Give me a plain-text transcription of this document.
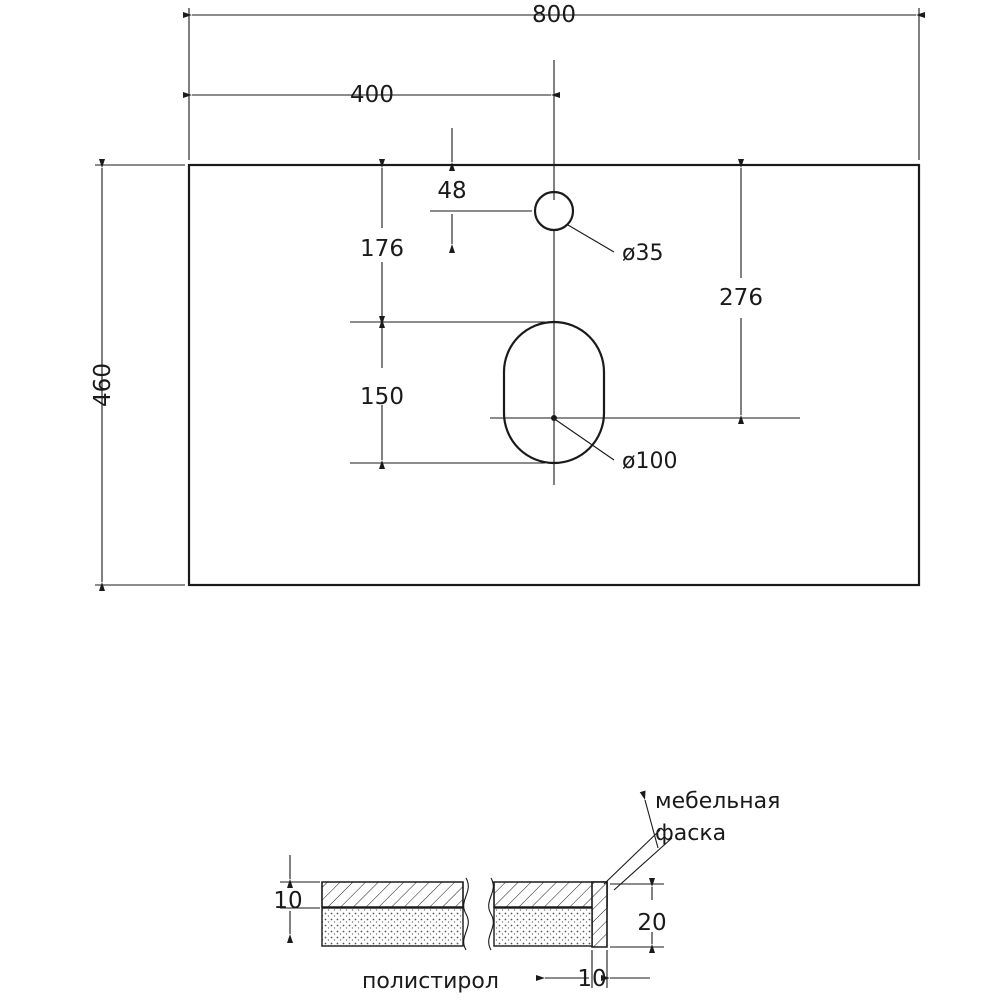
800
400
460
48
176
150
276
ø35
ø100
мебельная
фаска
10
20
10
полистирол
